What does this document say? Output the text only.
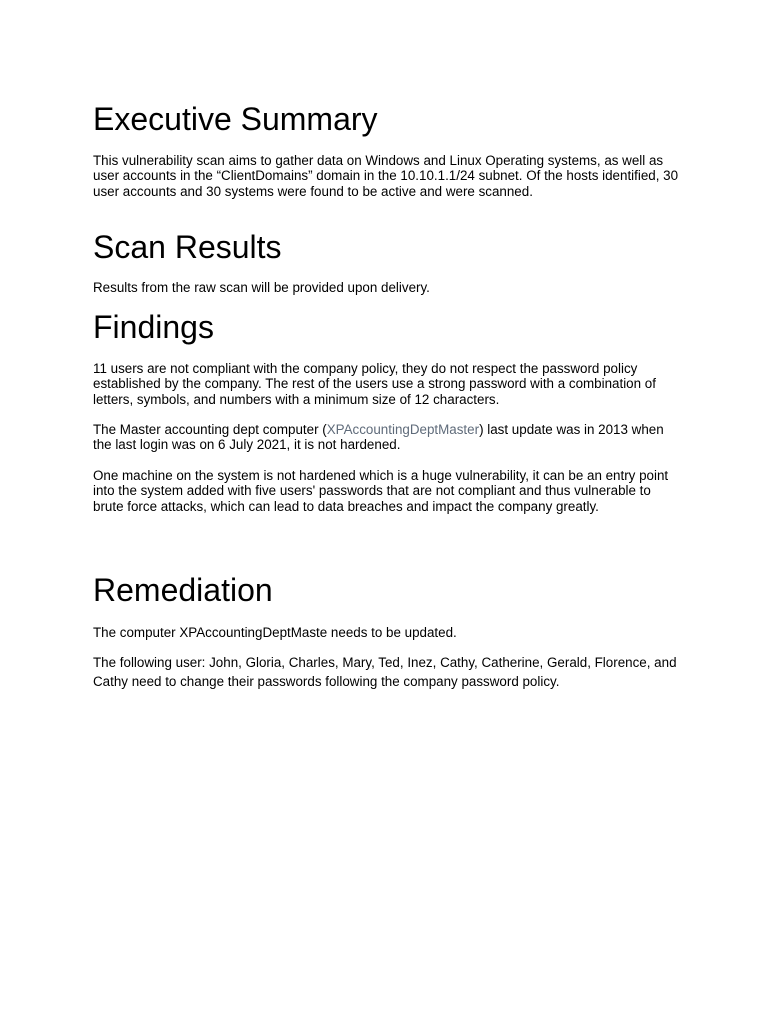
Executive Summary

This vulnerability scan aims to gather data on Windows and Linux Operating systems, as well as user accounts in the “ClientDomains” domain in the 10.10.1.1/24 subnet. Of the hosts identified, 30 user accounts and 30 systems were found to be active and were scanned.

Scan Results

Results from the raw scan will be provided upon delivery.

Findings

11 users are not compliant with the company policy, they do not respect the password policy established by the company. The rest of the users use a strong password with a combination of letters, symbols, and numbers with a minimum size of 12 characters.

The Master accounting dept computer (XPAccountingDeptMaster) last update was in 2013 when the last login was on 6 July 2021, it is not hardened.

One machine on the system is not hardened which is a huge vulnerability, it can be an entry point into the system added with five users' passwords that are not compliant and thus vulnerable to brute force attacks, which can lead to data breaches and impact the company greatly.

Remediation

The computer XPAccountingDeptMaste needs to be updated.

The following user: John, Gloria, Charles, Mary, Ted, Inez, Cathy, Catherine, Gerald, Florence, and Cathy need to change their passwords following the company password policy.
